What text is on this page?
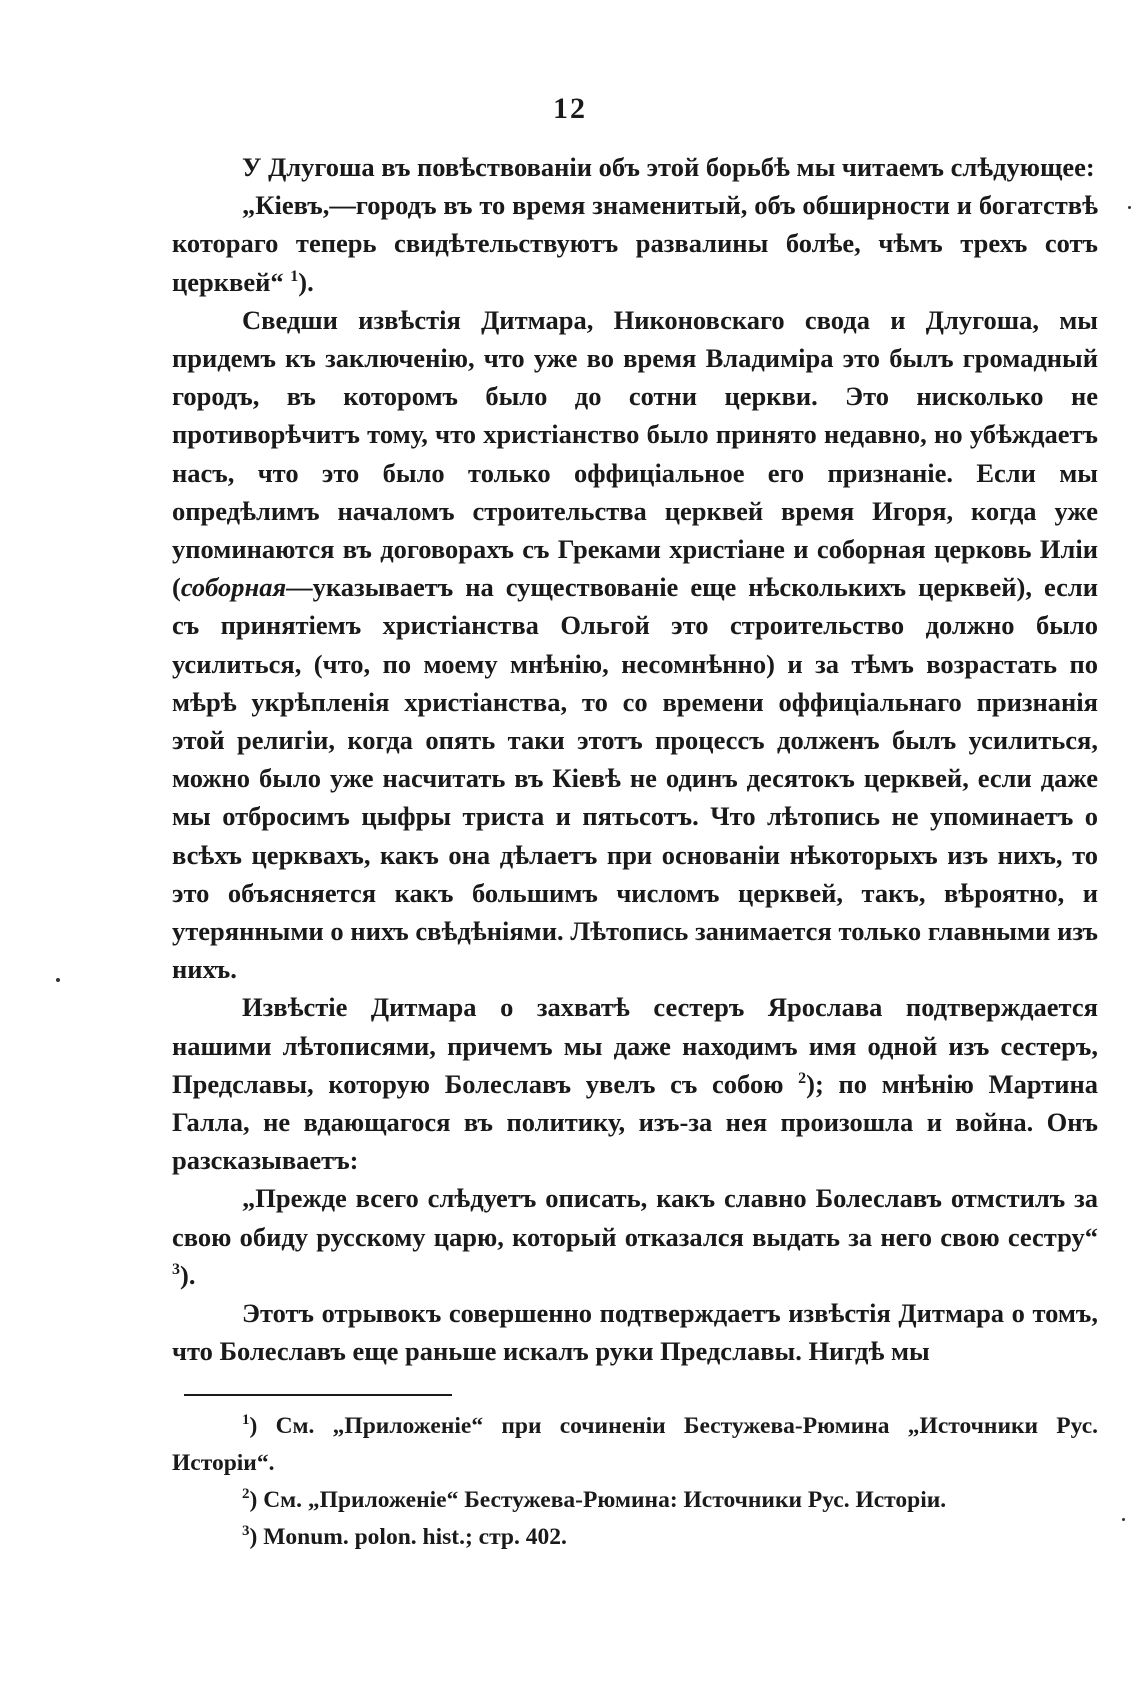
12

У Длугоша въ повѣствованіи объ этой борьбѣ мы читаемъ слѣдующее:

„Кіевъ,—городъ въ то время знаменитый, объ обширности и богатствѣ котораго теперь свидѣтельствуютъ развалины болѣе, чѣмъ трехъ сотъ церквей“ $^1$).

Сведши извѣстія Дитмара, Никоновскаго свода и Длугоша, мы придемъ къ заключенію, что уже во время Владиміра это былъ громадный городъ, въ которомъ было до сотни церкви. Это нисколько не противорѣчитъ тому, что христіанство было принято недавно, но убѣждаетъ насъ, что это было только оффиціальное его признаніе. Если мы опредѣлимъ началомъ строительства церквей время Игоря, когда уже упоминаются въ договорахъ съ Греками христіане и соборная церковь Иліи (соборная—указываетъ на существованіе еще нѣсколькихъ церквей), если съ принятіемъ христіанства Ольгой это строительство должно было усилиться, (что, по моему мнѣнію, несомнѣнно) и за тѣмъ возрастать по мѣрѣ укрѣпленія христіанства, то со времени оффиціальнаго признанія этой религіи, когда опять таки этотъ процессъ долженъ былъ усилиться, можно было уже насчитать въ Кіевѣ не одинъ десятокъ церквей, если даже мы отбросимъ цыфры триста и пятьсотъ. Что лѣтопись не упоминаетъ о всѣхъ церквахъ, какъ она дѣлаетъ при основаніи нѣкоторыхъ изъ нихъ, то это объясняется какъ большимъ числомъ церквей, такъ, вѣроятно, и утерянными о нихъ свѣдѣніями. Лѣтопись занимается только главными изъ нихъ.

Извѣстіе Дитмара о захватѣ сестеръ Ярослава подтверждается нашими лѣтописями, причемъ мы даже находимъ имя одной изъ сестеръ, Предславы, которую Болеславъ увелъ съ собою $^2$); по мнѣнію Мартина Галла, не вдающагося въ политику, изъ-за нея произошла и война. Онъ разсказываетъ:

„Прежде всего слѣдуетъ описать, какъ славно Болеславъ отмстилъ за свою обиду русскому царю, который отказался выдать за него свою сестру“ $^3$).

Этотъ отрывокъ совершенно подтверждаетъ извѣстія Дитмара о томъ, что Болеславъ еще раньше искалъ руки Предславы. Нигдѣ мы

$^1$) См. „Приложеніе“ при сочиненіи Бестужева-Рюмина „Источники Рус. Исторіи“.

$^2$) См. „Приложеніе“ Бестужева-Рюмина: Источники Рус. Исторіи.

$^3$) Monum. polon. hist.; стр. 402.
